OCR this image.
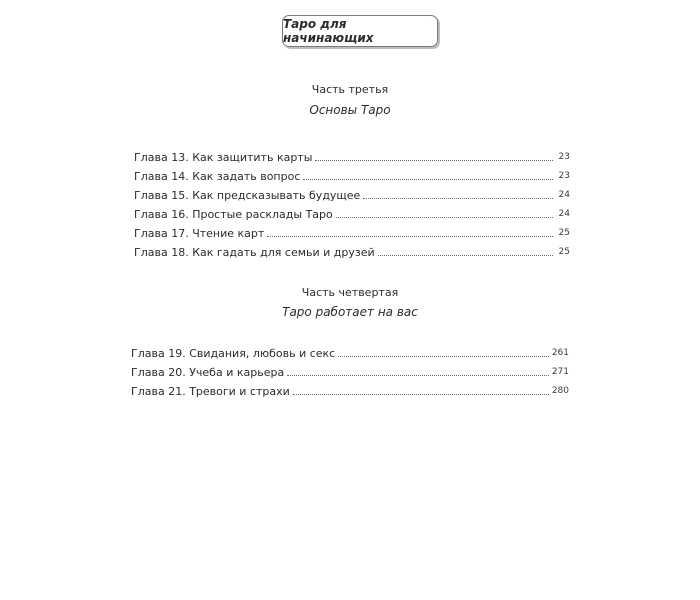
Таро для начинающих
Часть третья
Основы Таро
Глава 13. Как защитить карты	23
Глава 14. Как задать вопрос	23
Глава 15. Как предсказывать будущее	24
Глава 16. Простые расклады Таро	24
Глава 17. Чтение карт	25
Глава 18. Как гадать для семьи и друзей	25
Часть четвертая
Таро работает на вас
Глава 19. Свидания, любовь и секс	261
Глава 20. Учеба и карьера	271
Глава 21. Тревоги и страхи	280
